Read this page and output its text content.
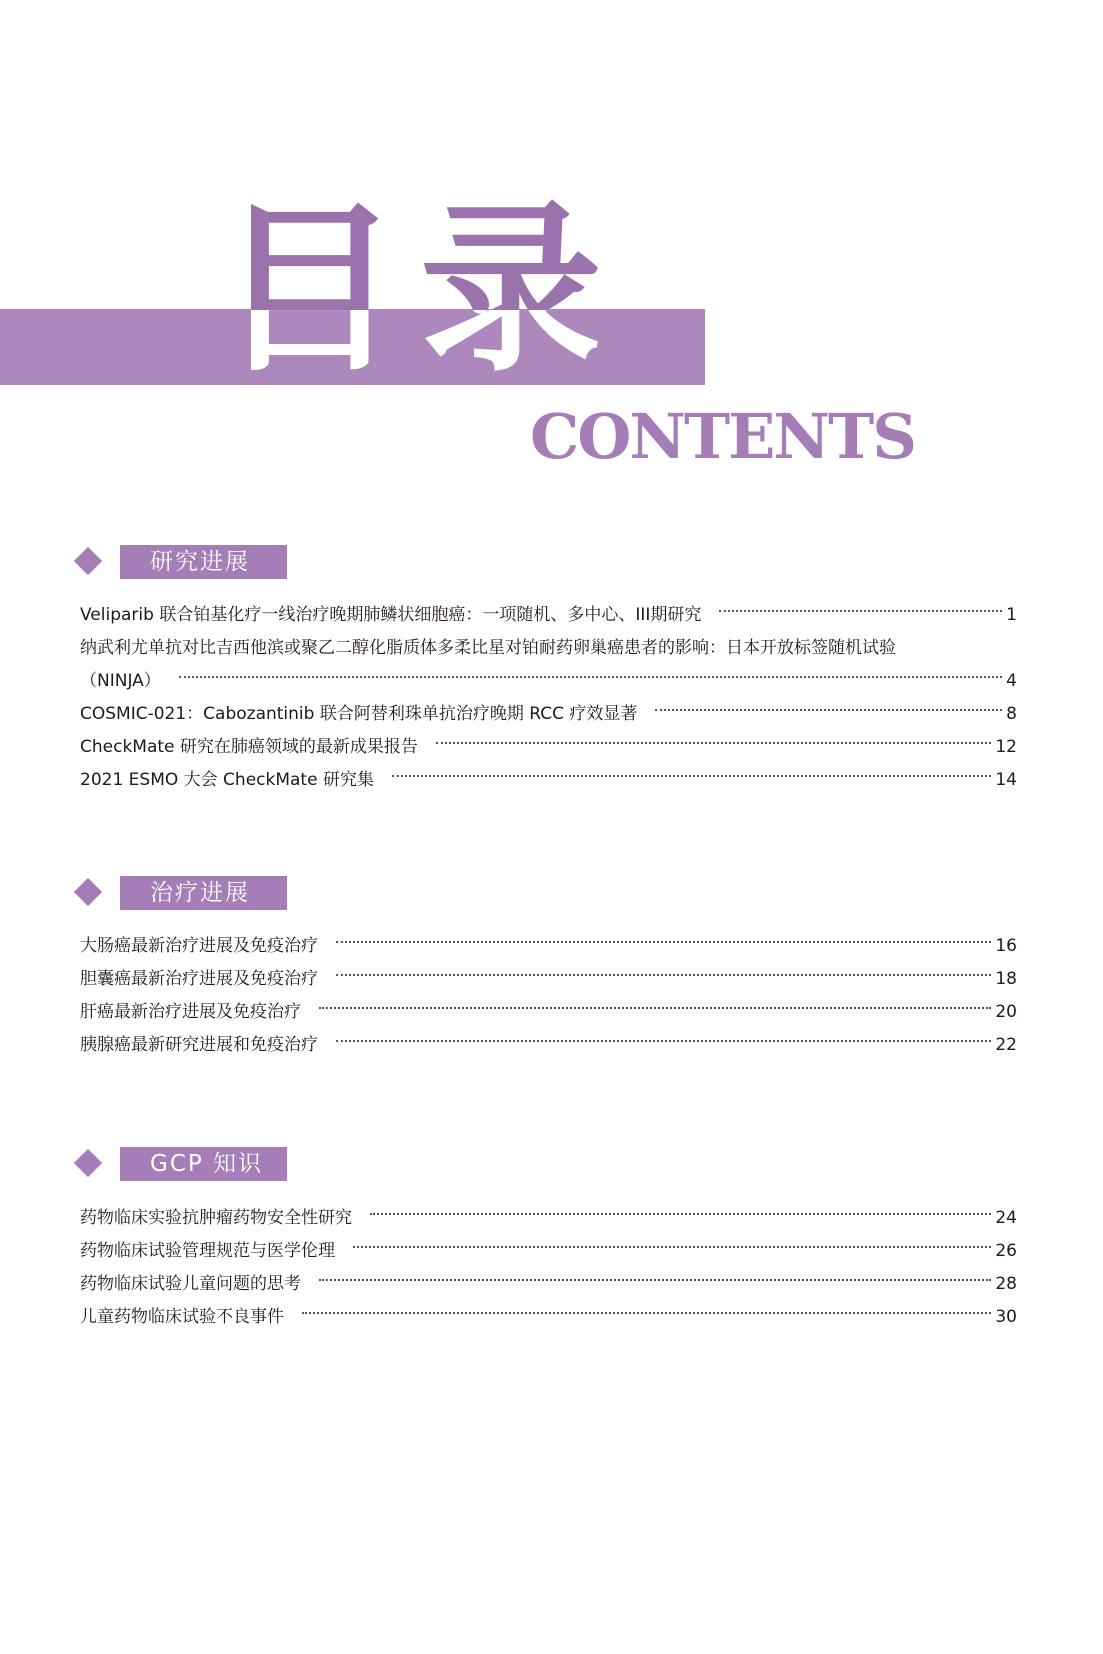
目 录
CONTENTS
研究进展
Veliparib 联合铂基化疗一线治疗晚期肺鳞状细胞癌：一项随机、多中心、III期研究	1
纳武利尤单抗对比吉西他滨或聚乙二醇化脂质体多柔比星对铂耐药卵巢癌患者的影响：日本开放标签随机试验
（NINJA）	4
COSMIC-021：Cabozantinib 联合阿替利珠单抗治疗晚期 RCC 疗效显著	8
CheckMate 研究在肺癌领域的最新成果报告	12
2021 ESMO 大会 CheckMate 研究集	14
治疗进展
大肠癌最新治疗进展及免疫治疗	16
胆囊癌最新治疗进展及免疫治疗	18
肝癌最新治疗进展及免疫治疗	20
胰腺癌最新研究进展和免疫治疗	22
GCP 知识
药物临床实验抗肿瘤药物安全性研究	24
药物临床试验管理规范与医学伦理	26
药物临床试验儿童问题的思考	28
儿童药物临床试验不良事件	30
